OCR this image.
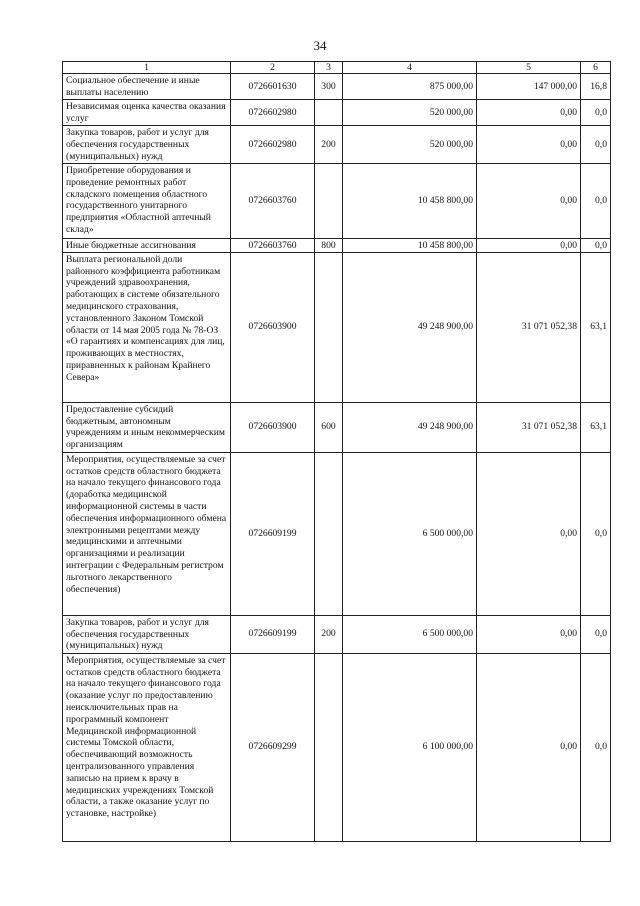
34
1	2	3	4	5	6
Социальное обеспечение и иные выплаты населению	0726601630	300	875 000,00	147 000,00	16,8
Независимая оценка качества оказания услуг	0726602980		520 000,00	0,00	0,0
Закупка товаров, работ и услуг для обеспечения государственных (муниципальных) нужд	0726602980	200	520 000,00	0,00	0,0
Приобретение оборудования и проведение ремонтных работ складского помещения областного государственного унитарного предприятия «Областной аптечный склад»	0726603760		10 458 800,00	0,00	0,0
Иные бюджетные ассигнования	0726603760	800	10 458 800,00	0,00	0,0
Выплата региональной доли районного коэффициента работникам учреждений здравоохранения, работающих в системе обязательного медицинского страхования, установленного Законом Томской области от 14 мая 2005 года № 78-ОЗ «О гарантиях и компенсациях для лиц, проживающих в местностях, приравненных к районам Крайнего Севера»	0726603900		49 248 900,00	31 071 052,38	63,1
Предоставление субсидий бюджетным, автономным учреждениям и иным некоммерческим организациям	0726603900	600	49 248 900,00	31 071 052,38	63,1
Мероприятия, осуществляемые за счет остатков средств областного бюджета на начало текущего финансового года (доработка медицинской информационной системы в части обеспечения информационного обмена электронными рецептами между медицинскими и аптечными организациями и реализации интеграции с Федеральным регистром льготного лекарственного обеспечения)	0726609199		6 500 000,00	0,00	0,0
Закупка товаров, работ и услуг для обеспечения государственных (муниципальных) нужд	0726609199	200	6 500 000,00	0,00	0,0
Мероприятия, осуществляемые за счет остатков средств областного бюджета на начало текущего финансового года (оказание услуг по предоставлению неисключительных прав на программный компонент Медицинской информационной системы Томской области, обеспечивающий возможность централизованного управления записью на прием к врачу в медицинских учреждениях Томской области, а также оказание услуг по установке, настройке)	0726609299		6 100 000,00	0,00	0,0
